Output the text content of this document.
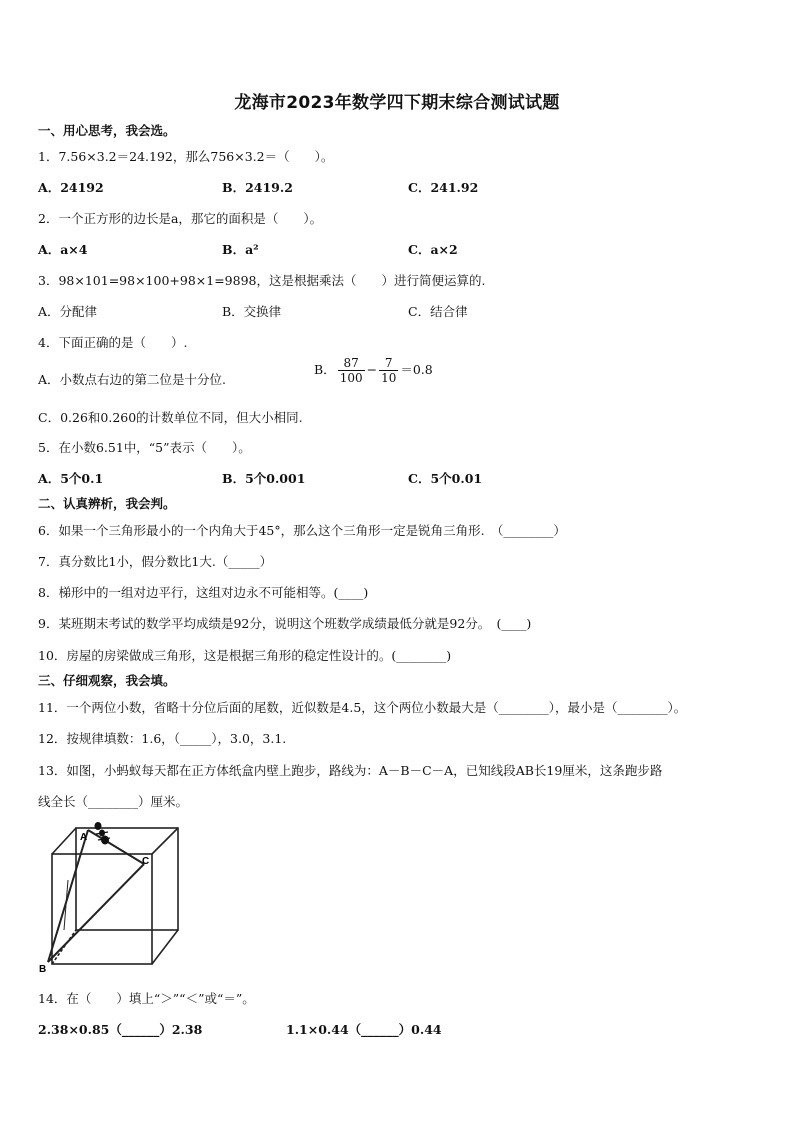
龙海市2023年数学四下期末综合测试试题
一、用心思考，我会选。
1．7.56×3.2＝24.192，那么756×3.2＝（　　）。
A．24192	B．2419.2	C．241.92
2．一个正方形的边长是a，那它的面积是（　　）。
A．a×4	B．a²	C．a×2
3．98×101=98×100+98×1=9898，这是根据乘法（　　）进行简便运算的.
A．分配律	B．交换律	C．结合律
4．下面正确的是（　　）.
A．小数点右边的第二位是十分位.
B． $\frac{87}{100} - \frac{7}{10} =0.8$
C．0.26和0.260的计数单位不同，但大小相同.
5．在小数6.51中，“5”表示（　　）。
A．5个0.1	B．5个0.001	C．5个0.01
二、认真辨析，我会判。
6．如果一个三角形最小的一个内角大于45°，那么这个三角形一定是锐角三角形.　（________）
7．真分数比1小，假分数比1大.（_____）
8．梯形中的一组对边平行，这组对边永不可能相等。(____)
9．某班期末考试的数学平均成绩是92分，说明这个班数学成绩最低分就是92分。　(____)
10．房屋的房梁做成三角形，这是根据三角形的稳定性设计的。(________)
三、仔细观察，我会填。
11．一个两位小数，省略十分位后面的尾数，近似数是4.5，这个两位小数最大是（________），最小是（________）。
12．按规律填数：1.6，（_____），3.0，3.1.
13．如图，小蚂蚁每天都在正方体纸盒内壁上跑步，路线为：A－B－C－A，已知线段AB长19厘米，这条跑步路
线全长（________）厘米。
A
B
C
14．在（　　）填上“＞”“＜”或“＝”。
2.38×0.85（______）2.38	1.1×0.44（______）0.44
